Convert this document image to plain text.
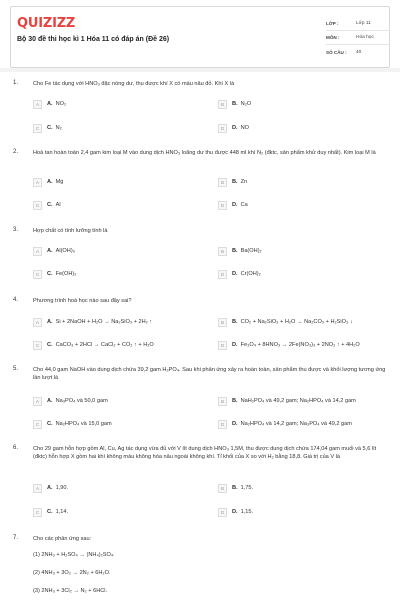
QUIZIZZ
Bộ 30 đề thi học kì 1 Hóa 11 có đáp án (Đề 26)
LỚP :	Lớp 11
MÔN :	Hóa học
SỐ CÂU :	40
1.	Cho Fe tác dụng với HNO₃ đặc nóng dư, thu được khí X có màu nâu đỏ. Khí X là
A	A. NO₂	B	B. N₂O
C	C. N₂	D	D. NO
2.	Hoà tan hoàn toàn 2,4 gam kim loại M vào dung dịch HNO₃ loãng dư thu được 448 ml khí N₂ (đktc, sản phẩm khử duy nhất). Kim loại M là
A	A. Mg	B	B. Zn
C	C. Al	D	D. Ca
3.	Hợp chất có tính lưỡng tính là
A	A. Al(OH)₃	B	B. Ba(OH)₂
C	C. Fe(OH)₂	D	D. Cr(OH)₂
4.	Phương trình hoá học nào sau đây sai?
A	A. Si + 2NaOH + H₂O → Na₂SiO₃ + 2H₂ ↑	B	B. CO₂ + Na₂SiO₃ + H₂O → Na₂CO₃ + H₂SiO₃ ↓
C	C. CaCO₃ + 2HCl → CaCl₂ + CO₂ ↑ + H₂O	D	D. Fe₃O₄ + 8HNO₃ → 2Fe(NO₃)₃ + 2NO₂ ↑ + 4H₂O
5.	Cho 44,0 gam NaOH vào dung dịch chứa 39,2 gam H₃PO₄. Sau khi phản ứng xảy ra hoàn toàn, sản phẩm thu được và khối lượng tương ứng lần lượt là
A	A. Na₃PO₄ và 50,0 gam	B	B. NaH₂PO₄ và 49,2 gam; Na₂HPO₄ và 14,2 gam
C	C. Na₂HPO₄ và 15,0 gam	D	D. Na₂HPO₄ và 14,2 gam; Na₃PO₄ và 49,2 gam
6.	Cho 29 gam hỗn hợp gồm Al, Cu, Ag tác dụng vừa đủ với V lít dung dịch HNO₃ 1,5M, thu được dung dịch chứa 174,04 gam muối và 5,6 lít (đktc) hỗn hợp X gồm hai khí không màu không hóa nâu ngoài không khí. Tỉ khối của X so với H₂ bằng 18,8. Giá trị của V là
A	A. 1,90.	B	B. 1,75.
C	C. 1,14.	D	D. 1,15.
7.	Cho các phản ứng sau:
(1) 2NH₃ + H₂SO₄ → (NH₄)₂SO₄.
(2) 4NH₃ + 3O₂ → 2N₂ + 6H₂O.
(3) 2NH₃ + 3Cl₂ → N₂ + 6HCl.
